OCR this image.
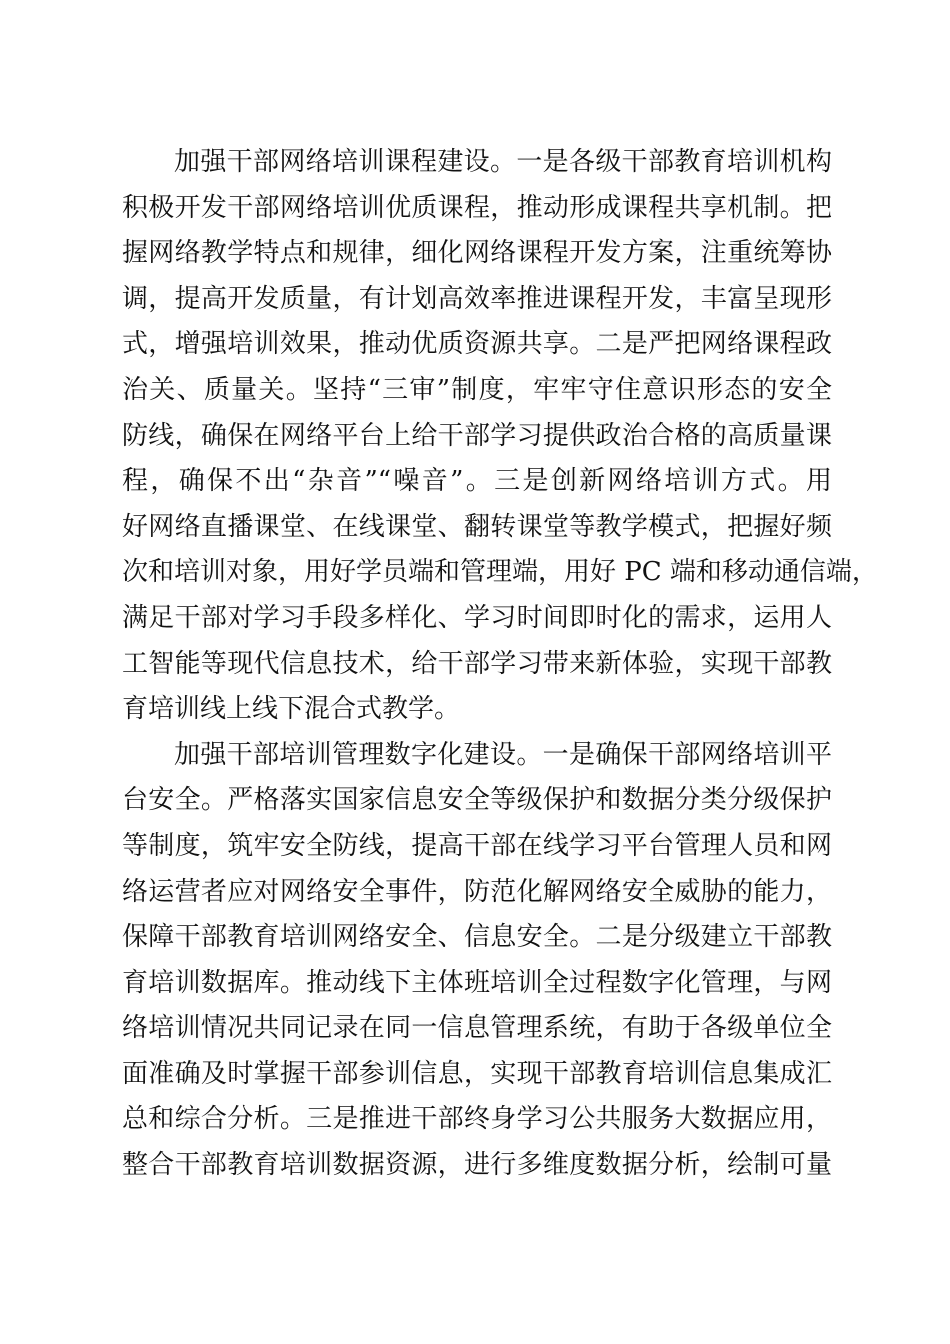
加强干部网络培训课程建设。一是各级干部教育培训机构
积极开发干部网络培训优质课程，推动形成课程共享机制。把
握网络教学特点和规律，细化网络课程开发方案，注重统筹协
调，提高开发质量，有计划高效率推进课程开发，丰富呈现形
式，增强培训效果，推动优质资源共享。二是严把网络课程政
治关、质量关。坚持“三审”制度，牢牢守住意识形态的安全
防线，确保在网络平台上给干部学习提供政治合格的高质量课
程，确保不出“杂音”“噪音”。三是创新网络培训方式。用
好网络直播课堂、在线课堂、翻转课堂等教学模式，把握好频
次和培训对象，用好学员端和管理端，用好 PC 端和移动通信端，
满足干部对学习手段多样化、学习时间即时化的需求，运用人
工智能等现代信息技术，给干部学习带来新体验，实现干部教
育培训线上线下混合式教学。
加强干部培训管理数字化建设。一是确保干部网络培训平
台安全。严格落实国家信息安全等级保护和数据分类分级保护
等制度，筑牢安全防线，提高干部在线学习平台管理人员和网
络运营者应对网络安全事件，防范化解网络安全威胁的能力，
保障干部教育培训网络安全、信息安全。二是分级建立干部教
育培训数据库。推动线下主体班培训全过程数字化管理，与网
络培训情况共同记录在同一信息管理系统，有助于各级单位全
面准确及时掌握干部参训信息，实现干部教育培训信息集成汇
总和综合分析。三是推进干部终身学习公共服务大数据应用，
整合干部教育培训数据资源，进行多维度数据分析，绘制可量
